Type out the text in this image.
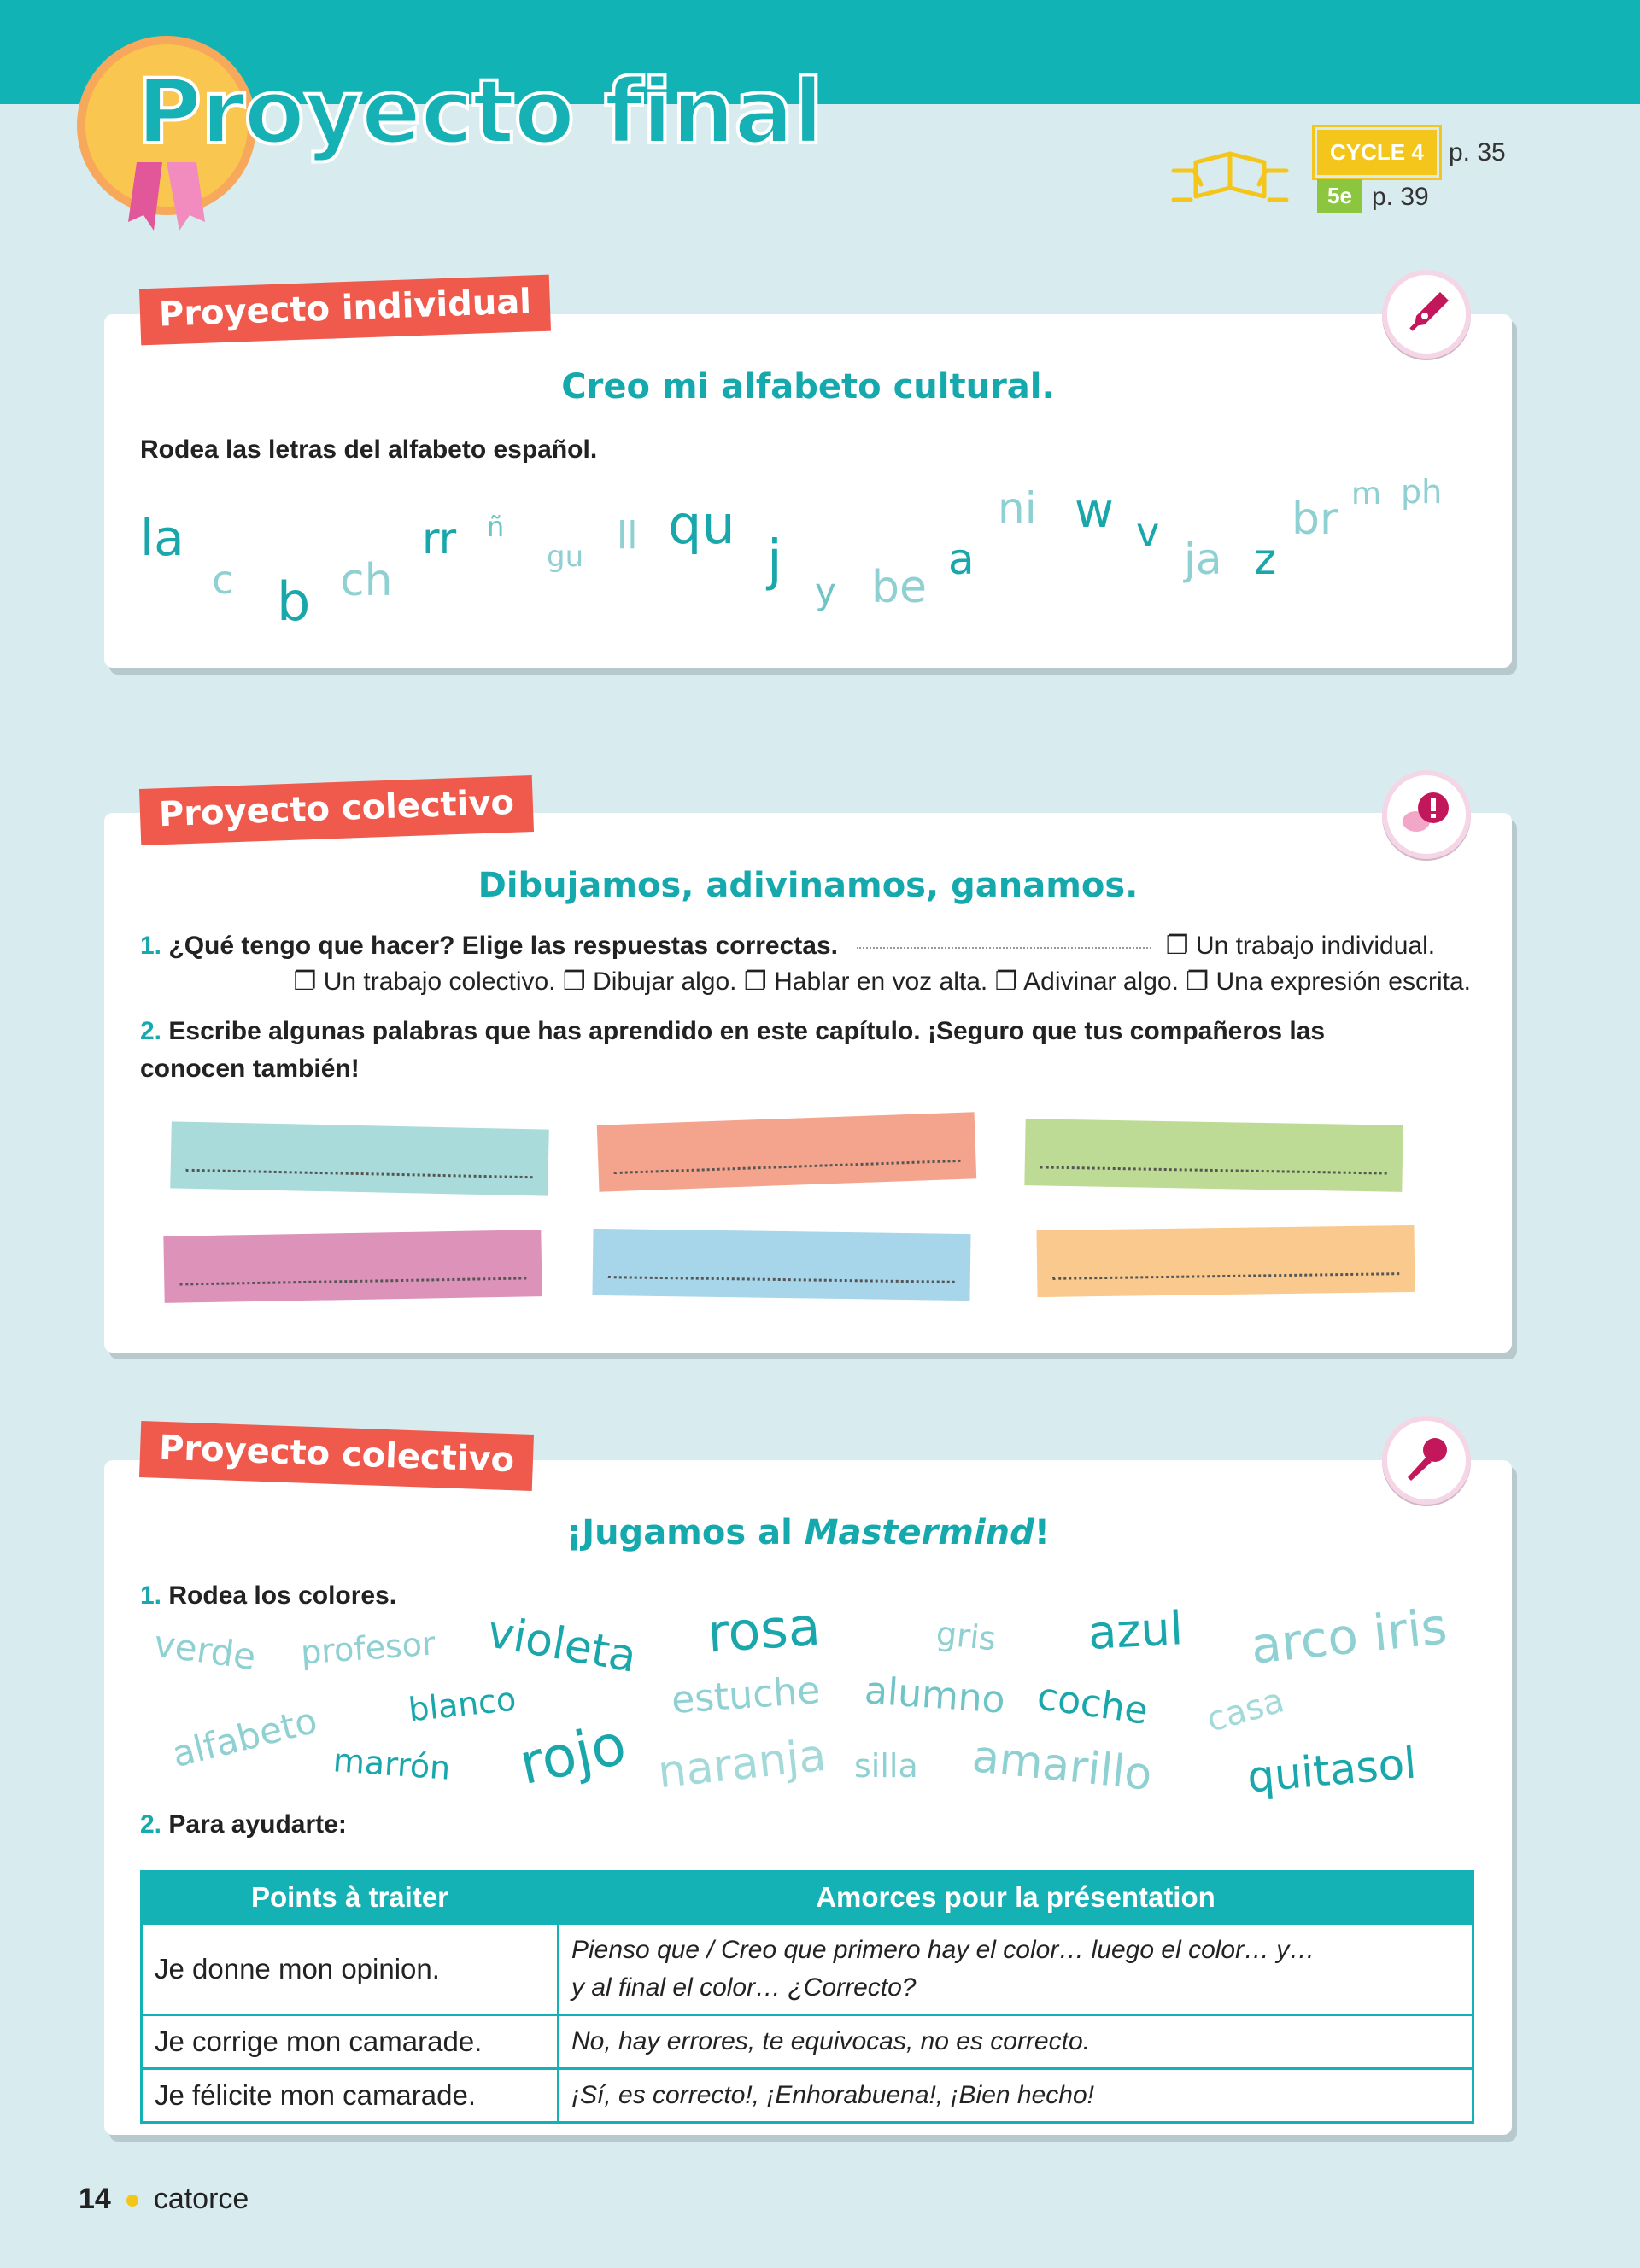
Proyecto final	CYCLE 4 p. 35
5e p. 39
Creo mi alfabeto cultural.
Rodea las letras del alfabeto español.
la
c b ch
rr ñ
gu ll qu
j y be
a
ni w v
ja z
br m ph
Proyecto individual
Dibujamos, adivinamos, ganamos.
1. ¿Qué tengo que hacer? Elige las respuestas correctas.	❐ Un trabajo individual.
❐ Un trabajo colectivo. ❐ Dibujar algo. ❐ Hablar en voz alta. ❐ Adivinar algo. ❐ Una expresión escrita.
2. Escribe algunas palabras que has aprendido en este capítulo. ¡Seguro que tus compañeros las conocen también!
Proyecto colectivo
¡Jugamos al Mastermind!
1. Rodea los colores.
verde profesor violeta rosa	gris azul arco iris
alfabeto	blanco	estuche alumno coche casa
marrón rojo naranja silla amarillo quitasol
2. Para ayudarte:
Points à traiter	Amorces pour la présentation
Je donne mon opinion.	Pienso que / Creo que primero hay el color… luego el color… y…
y al final el color… ¿Correcto?
Je corrige mon camarade.	No, hay errores, te equivocas, no es correcto.
Je félicite mon camarade.	¡Sí, es correcto!, ¡Enhorabuena!, ¡Bien hecho!
Proyecto colectivo
14 catorce
